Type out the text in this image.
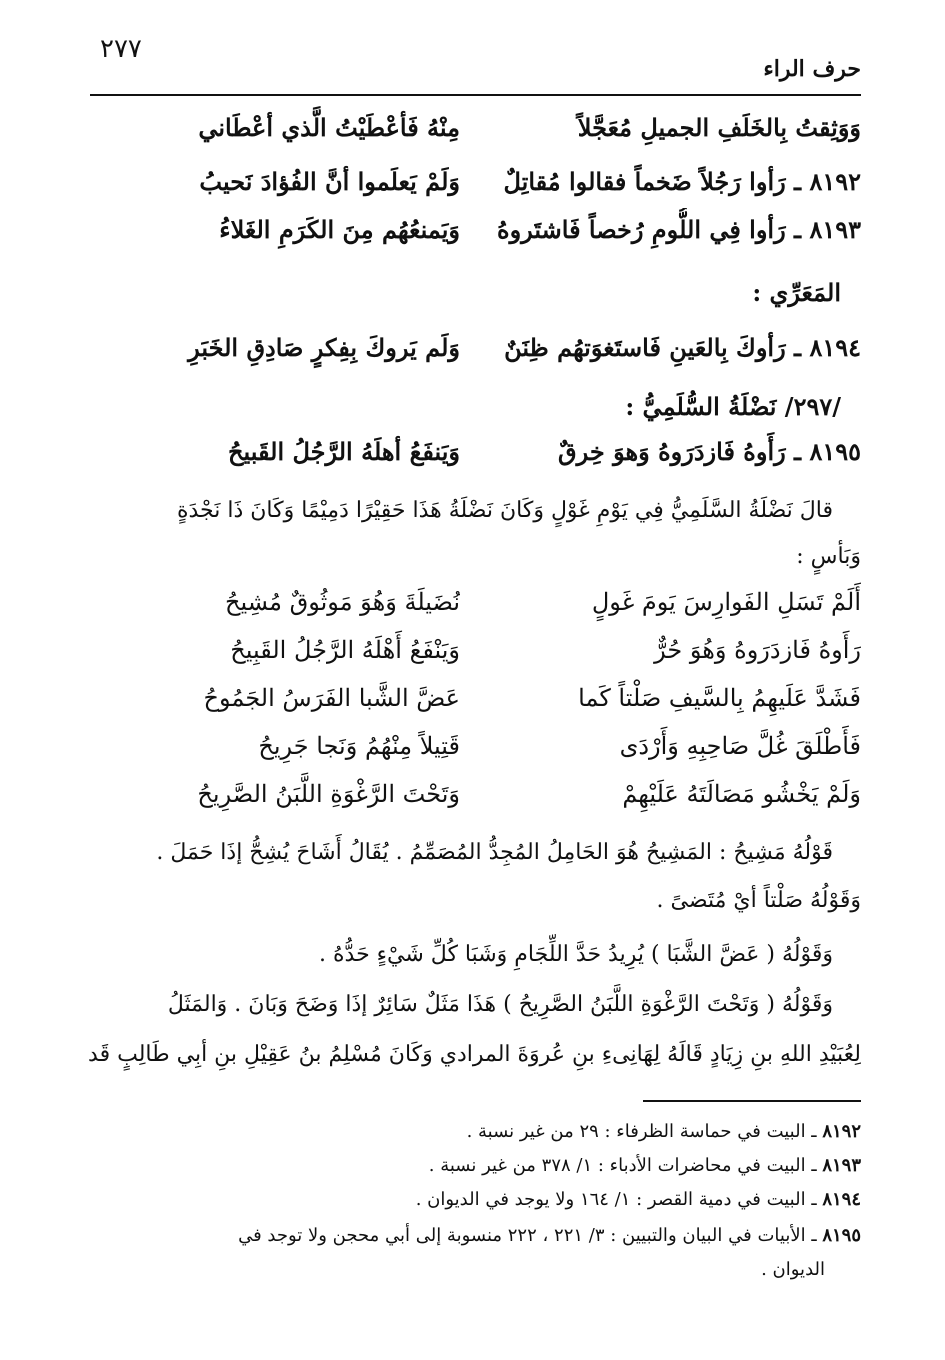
حرف الراء
٢٧٧
وَوَثِقتُ بِالخَلَفِ الجميلِ مُعَجَّلاً
مِنْهُ فَأعْطَيْتُ الَّذي أعْطَاني
٨١٩٢ ـ رَأوا رَجُلاً ضَخماً فقالوا مُقاتِلٌ
وَلَمْ يَعلَموا أنَّ الفُؤادَ نَحيبُ
٨١٩٣ ـ رَأوا فِي اللُّومِ رُخصاً فَاشتَروهُ
وَيَمنعُهُم مِنَ الكَرَمِ الغَلاءُ
المَعَرِّي :
٨١٩٤ ـ رَأوكَ بِالعَينِ فَاستَغوَتهُم ظِنَنٌ
وَلَم يَروكَ بِفِكرٍ صَادِقِ الخَبَرِ
/٢٩٧/ نَضْلَةُ السُّلَمِيُّ :
٨١٩٥ ـ رَأَوهُ فَازدَرَوهُ وَهوَ خِرقٌ
وَيَنفَعُ أهلَهُ الرَّجُلُ القَبيحُ
قالَ نَضْلَةُ السَّلَمِيُّ فِي يَوْمِ غَوْلٍ وَكَانَ نَضْلَةُ هَذَا حَقِيْرًا دَمِيْمًا وَكَانَ ذَا نَجْدَةٍ
وَبَأسٍ :
أَلَمْ تَسَلِ الفَوارِسَ يَومَ غَولٍ
نُضَيلَةَ وَهُوَ مَوثُوقٌ مُشِيحُ
رَأَوهُ فَازدَرَوهُ وَهُوَ حُرٌّ
وَيَنْفَعُ أَهْلَهُ الرَّجُلُ القَبِيحُ
فَشَدَّ عَلَيهِمُ بِالسَّيفِ صَلْتاً كَما
عَضَّ الشَّبا الفَرَسُ الجَمُوحُ
فَأَطْلَقَ غُلَّ صَاحِبِهِ وَأَرْدَى
قَتِيلاً مِنْهُمُ وَنَجا جَرِيحُ
وَلَمْ يَخْشُو مَصَالَتَهُ عَلَيْهِمْ
وَتَحْتَ الرَّغْوَةِ اللَّبَنُ الصَّرِيحُ
قَوْلُهُ مَشِيحُ : المَشِيحُ هُوَ الحَامِلُ المُجِدُّ المُصَمِّمُ . يُقَالُ أَشَاحَ يُشِحُّ إذَا حَمَلَ .
وَقَوْلُهُ صَلْتاً أيْ مُتَضىً .
وَقَوْلُهُ ( عَضَّ الشَّبَا ) يُرِيدُ حَدَّ اللِّجَامِ وَشَبَا كُلِّ شَيْءٍ حَدُّهُ .
وَقَوْلُهُ ( وَتَحْتَ الرَّغْوَةِ اللَّبَنُ الصَّرِيحُ ) هَذَا مَثَلٌ سَائِرٌ إذَا وَضَحَ وَبَانَ . وَالمَثَلُ
لِعُبَيْدِ اللهِ بنِ زِيَادٍ قَالَهُ لِهَانِىءِ بنِ عُروَةَ المرادي وَكَانَ مُسْلِمُ بنُ عَقِيْلِ بنِ أبِي طَالِبٍ قَد
٨١٩٢ ـ البيت في حماسة الظرفاء : ٢٩ من غير نسبة .
٨١٩٣ ـ البيت في محاضرات الأدباء : ١/ ٣٧٨ من غير نسبة .
٨١٩٤ ـ البيت في دمية القصر : ١/ ١٦٤ ولا يوجد في الديوان .
٨١٩٥ ـ الأبيات في البيان والتبيين : ٣/ ٢٢١ ، ٢٢٢ منسوبة إلى أبي محجن ولا توجد في
الديوان .
